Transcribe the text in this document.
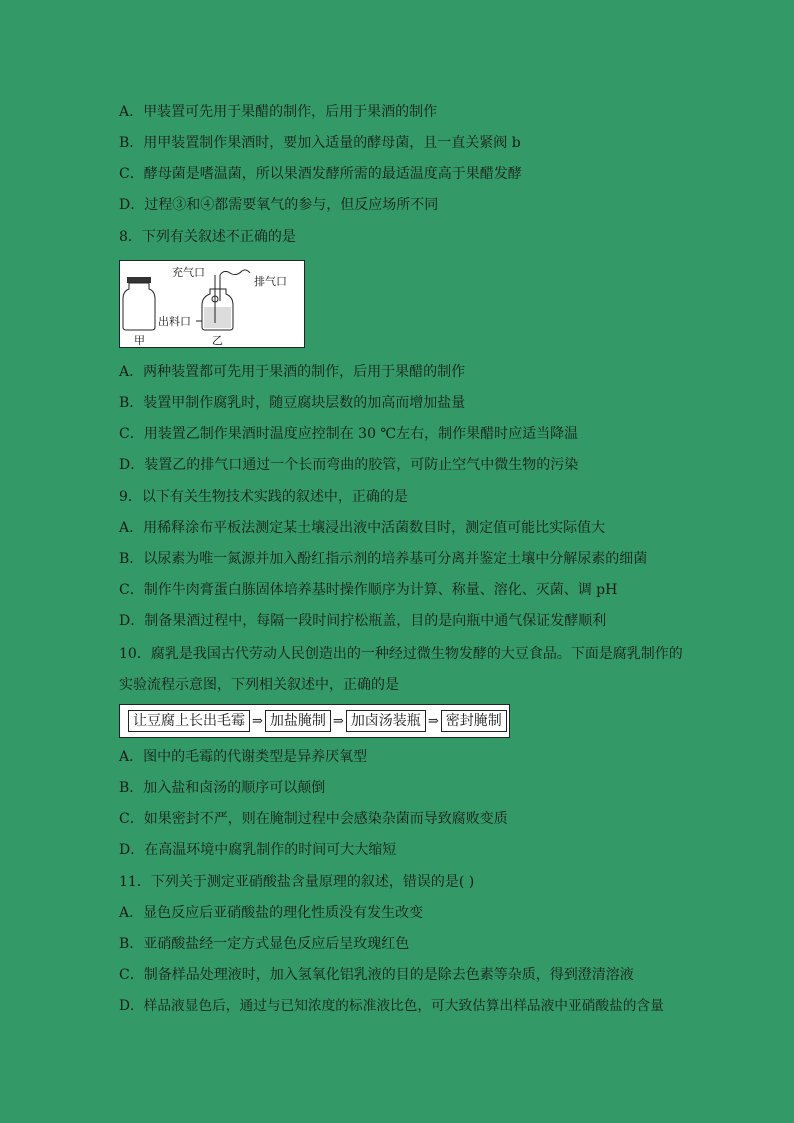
A．甲装置可先用于果醋的制作，后用于果酒的制作
B．用甲装置制作果酒时，要加入适量的酵母菌，且一直关紧阀 b
C．酵母菌是嗜温菌，所以果酒发酵所需的最适温度高于果醋发酵
D．过程③和④都需要氧气的参与，但反应场所不同
8．下列有关叙述不正确的是
充气口
排气口
出料口
甲	乙
A．两种装置都可先用于果酒的制作，后用于果醋的制作
B．装置甲制作腐乳时，随豆腐块层数的加高而增加盐量
C．用装置乙制作果酒时温度应控制在 30 ℃左右，制作果醋时应适当降温
D．装置乙的排气口通过一个长而弯曲的胶管，可防止空气中微生物的污染
9．以下有关生物技术实践的叙述中，正确的是
A．用稀释涂布平板法测定某土壤浸出液中活菌数目时，测定值可能比实际值大
B．以尿素为唯一氮源并加入酚红指示剂的培养基可分离并鉴定土壤中分解尿素的细菌
C．制作牛肉膏蛋白胨固体培养基时操作顺序为计算、称量、溶化、灭菌、调 pH
D．制备果酒过程中，每隔一段时间拧松瓶盖，目的是向瓶中通气保证发酵顺利
10．腐乳是我国古代劳动人民创造出的一种经过微生物发酵的大豆食品。下面是腐乳制作的
实验流程示意图，下列相关叙述中，正确的是
让豆腐上长出毛霉 ⇒ 加盐腌制 ⇒ 加卤汤装瓶 ⇒ 密封腌制
A．图中的毛霉的代谢类型是异养厌氧型
B．加入盐和卤汤的顺序可以颠倒
C．如果密封不严，则在腌制过程中会感染杂菌而导致腐败变质
D．在高温环境中腐乳制作的时间可大大缩短
11．下列关于测定亚硝酸盐含量原理的叙述，错误的是( )
A．显色反应后亚硝酸盐的理化性质没有发生改变
B．亚硝酸盐经一定方式显色反应后呈玫瑰红色
C．制备样品处理液时，加入氢氧化铝乳液的目的是除去色素等杂质，得到澄清溶液
D．样品液显色后，通过与已知浓度的标准液比色，可大致估算出样品液中亚硝酸盐的含量
